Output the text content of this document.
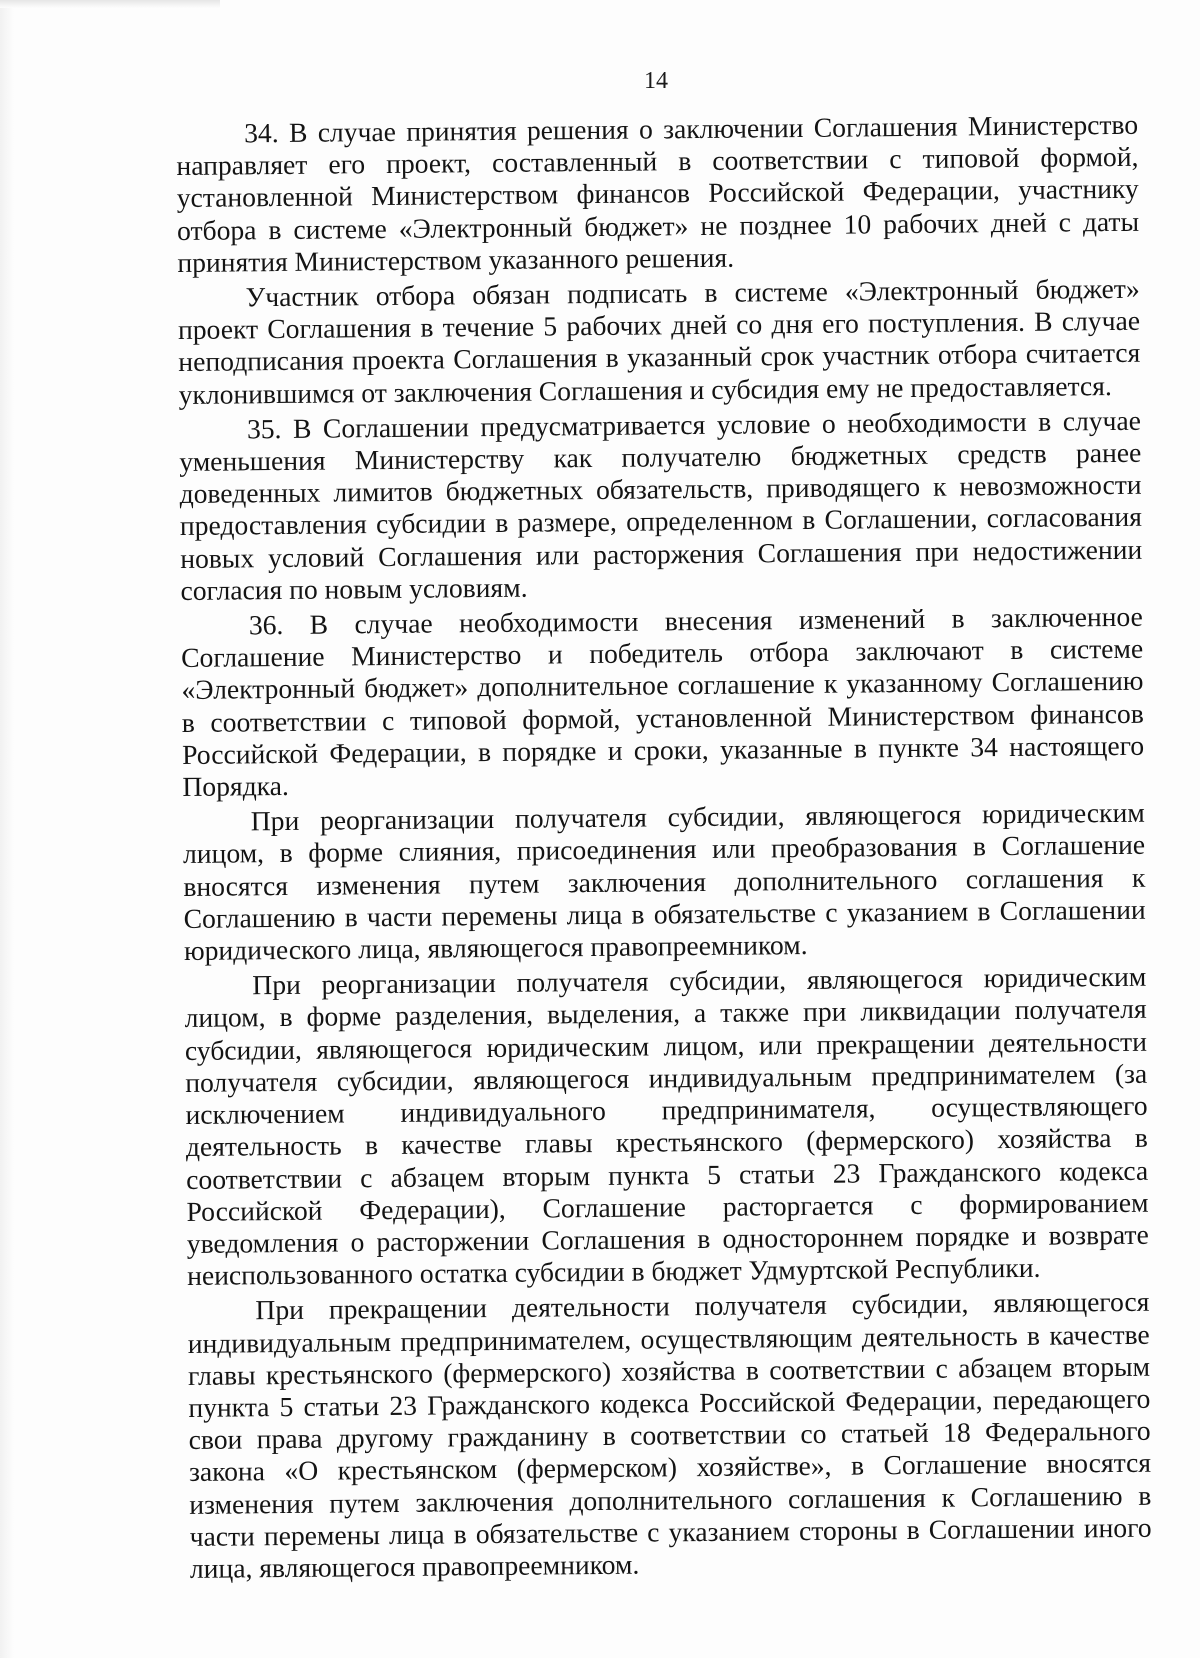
14

34. В случае принятия решения о заключении Соглашения Министерство направляет его проект, составленный в соответствии с типовой формой, установленной Министерством финансов Российской Федерации, участнику отбора в системе «Электронный бюджет» не позднее 10 рабочих дней с даты принятия Министерством указанного решения.

Участник отбора обязан подписать в системе «Электронный бюджет» проект Соглашения в течение 5 рабочих дней со дня его поступления. В случае неподписания проекта Соглашения в указанный срок участник отбора считается уклонившимся от заключения Соглашения и субсидия ему не предоставляется.

35. В Соглашении предусматривается условие о необходимости в случае уменьшения Министерству как получателю бюджетных средств ранее доведенных лимитов бюджетных обязательств, приводящего к невозможности предоставления субсидии в размере, определенном в Соглашении, согласования новых условий Соглашения или расторжения Соглашения при недостижении согласия по новым условиям.

36. В случае необходимости внесения изменений в заключенное Соглашение Министерство и победитель отбора заключают в системе «Электронный бюджет» дополнительное соглашение к указанному Соглашению в соответствии с типовой формой, установленной Министерством финансов Российской Федерации, в порядке и сроки, указанные в пункте 34 настоящего Порядка.

При реорганизации получателя субсидии, являющегося юридическим лицом, в форме слияния, присоединения или преобразования в Соглашение вносятся изменения путем заключения дополнительного соглашения к Соглашению в части перемены лица в обязательстве с указанием в Соглашении юридического лица, являющегося правопреемником.

При реорганизации получателя субсидии, являющегося юридическим лицом, в форме разделения, выделения, а также при ликвидации получателя субсидии, являющегося юридическим лицом, или прекращении деятельности получателя субсидии, являющегося индивидуальным предпринимателем (за исключением индивидуального предпринимателя, осуществляющего деятельность в качестве главы крестьянского (фермерского) хозяйства в соответствии с абзацем вторым пункта 5 статьи 23 Гражданского кодекса Российской Федерации), Соглашение расторгается с формированием уведомления о расторжении Соглашения в одностороннем порядке и возврате неиспользованного остатка субсидии в бюджет Удмуртской Республики.

При прекращении деятельности получателя субсидии, являющегося индивидуальным предпринимателем, осуществляющим деятельность в качестве главы крестьянского (фермерского) хозяйства в соответствии с абзацем вторым пункта 5 статьи 23 Гражданского кодекса Российской Федерации, передающего свои права другому гражданину в соответствии со статьей 18 Федерального закона «О крестьянском (фермерском) хозяйстве», в Соглашение вносятся изменения путем заключения дополнительного соглашения к Соглашению в части перемены лица в обязательстве с указанием стороны в Соглашении иного лица, являющегося правопреемником.
